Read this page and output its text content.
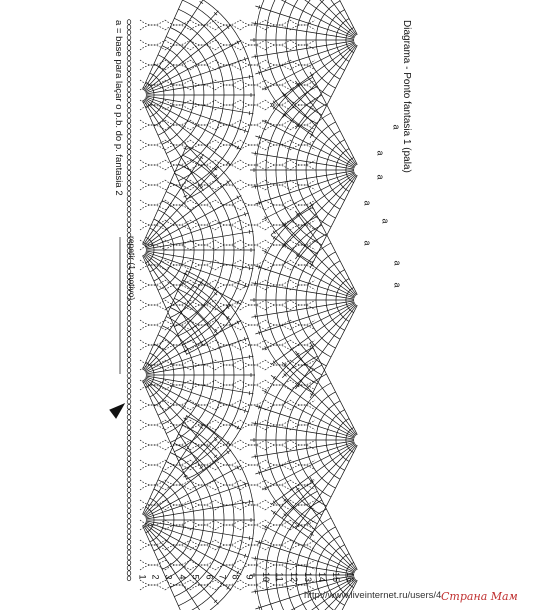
Diagrama - Ponto fantasia 1 (pala)
a = base para laçar o p.b. do p. fantasia 2
repetir (1 motivo)
a
a
a
a
a
a
a
a
1 2 3 4 5 6 7 8 9 10 11 12 13 14 15 16
http://www.liveinternet.ru/users/4 Страна Мам
